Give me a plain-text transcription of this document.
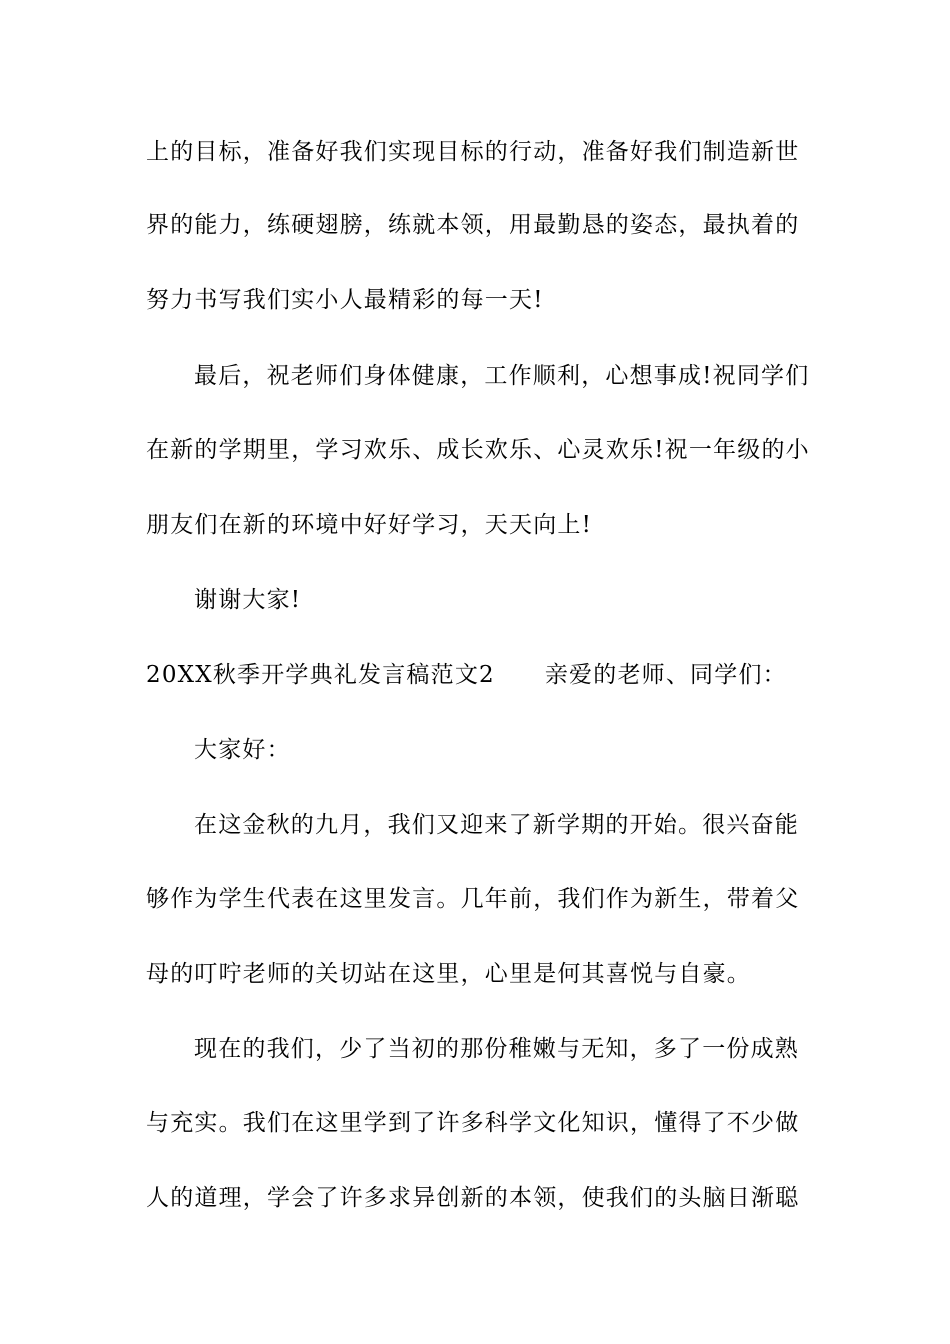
上的目标，准备好我们实现目标的行动，准备好我们制造新世
界的能力，练硬翅膀，练就本领，用最勤恳的姿态，最执着的
努力书写我们实小人最精彩的每一天!
最后，祝老师们身体健康，工作顺利，心想事成!祝同学们
在新的学期里，学习欢乐、成长欢乐、心灵欢乐!祝一年级的小
朋友们在新的环境中好好学习，天天向上!
谢谢大家!
20XX秋季开学典礼发言稿范文2 亲爱的老师、同学们：
大家好：
在这金秋的九月，我们又迎来了新学期的开始。很兴奋能
够作为学生代表在这里发言。几年前，我们作为新生，带着父
母的叮咛老师的关切站在这里，心里是何其喜悦与自豪。
现在的我们，少了当初的那份稚嫩与无知，多了一份成熟
与充实。我们在这里学到了许多科学文化知识，懂得了不少做
人的道理，学会了许多求异创新的本领，使我们的头脑日渐聪
